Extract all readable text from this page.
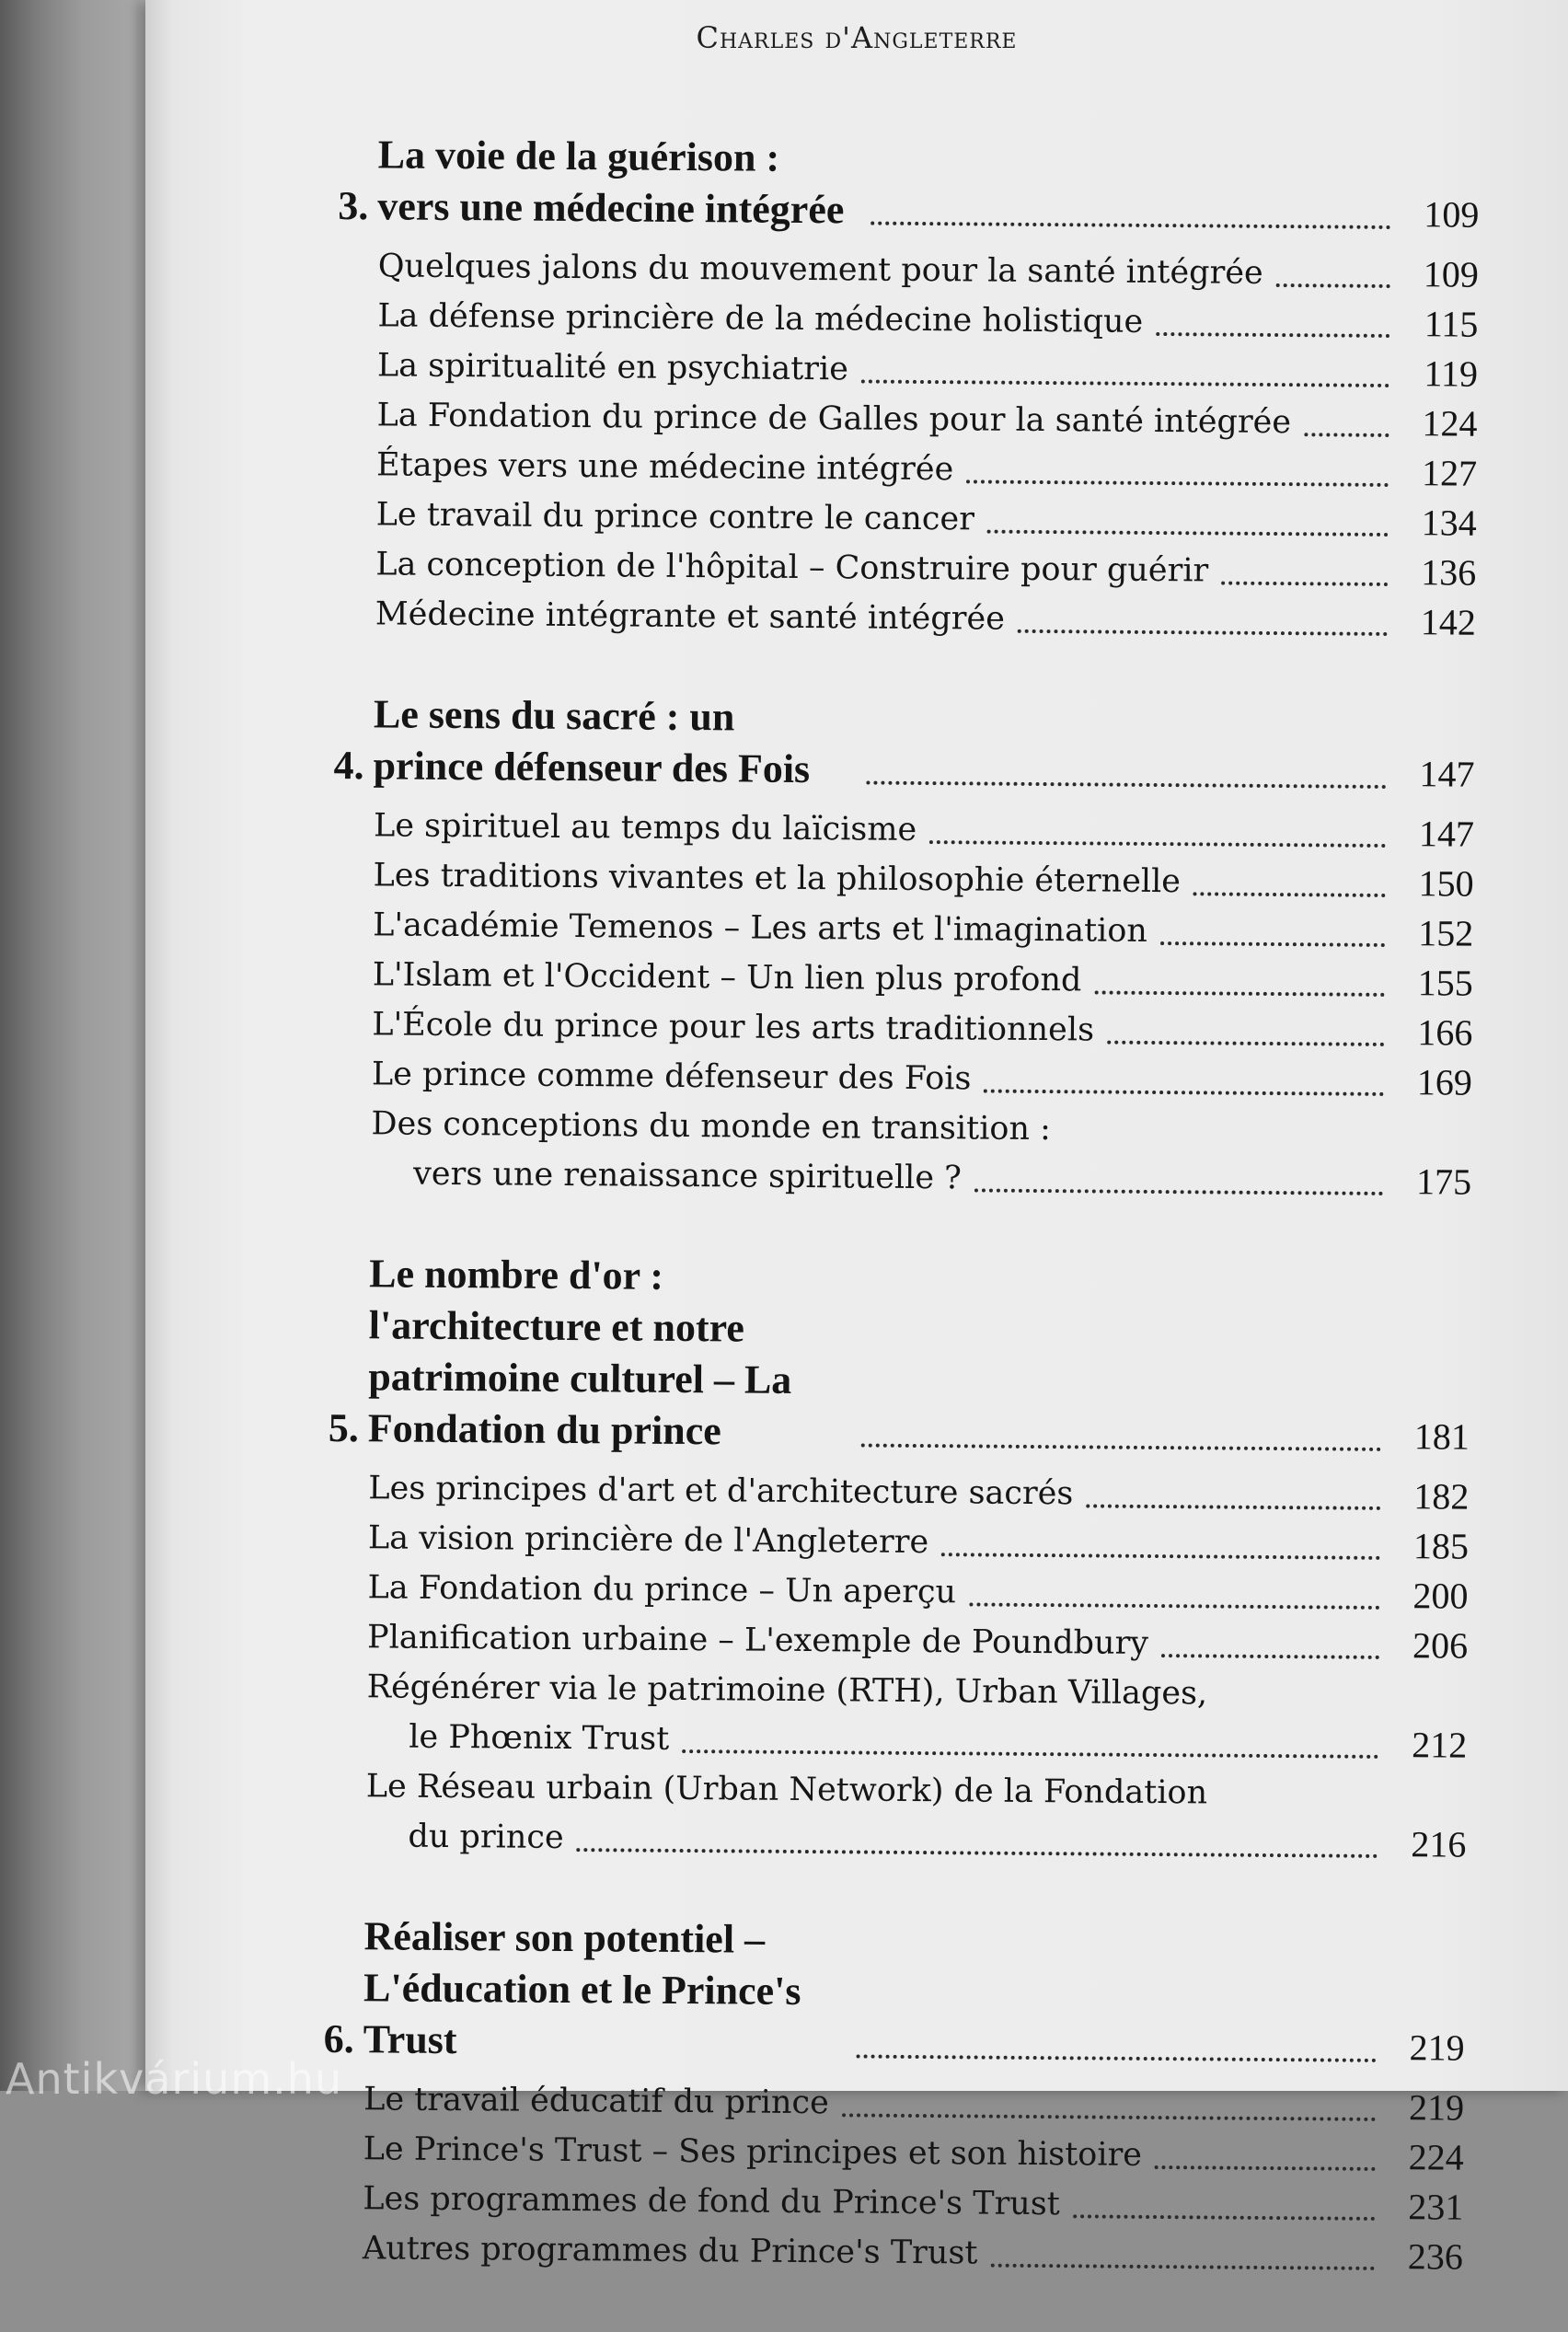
Charles d'Angleterre
3.
La voie de la guérison : vers une médecine intégrée	109
Quelques jalons du mouvement pour la santé intégrée	109
La défense princière de la médecine holistique	115
La spiritualité en psychiatrie	119
La Fondation du prince de Galles pour la santé intégrée	124
Étapes vers une médecine intégrée	127
Le travail du prince contre le cancer	134
La conception de l'hôpital – Construire pour guérir	136
Médecine intégrante et santé intégrée	142
4.
Le sens du sacré : un prince défenseur des Fois	147
Le spirituel au temps du laïcisme	147
Les traditions vivantes et la philosophie éternelle	150
L'académie Temenos – Les arts et l'imagination	152
L'Islam et l'Occident – Un lien plus profond	155
L'École du prince pour les arts traditionnels	166
Le prince comme défenseur des Fois	169
Des conceptions du monde en transition :
vers une renaissance spirituelle ?	175
5.
Le nombre d'or : l'architecture et notre patrimoine culturel – La Fondation du prince	181
Les principes d'art et d'architecture sacrés	182
La vision princière de l'Angleterre	185
La Fondation du prince – Un aperçu	200
Planification urbaine – L'exemple de Poundbury	206
Régénérer via le patrimoine (RTH), Urban Villages,
le Phœnix Trust	212
Le Réseau urbain (Urban Network) de la Fondation
du prince	216
6.
Réaliser son potentiel – L'éducation et le Prince's Trust	219
Le travail éducatif du prince	219
Le Prince's Trust – Ses principes et son histoire	224
Les programmes de fond du Prince's Trust	231
Autres programmes du Prince's Trust	236
Antikvárium.hu
